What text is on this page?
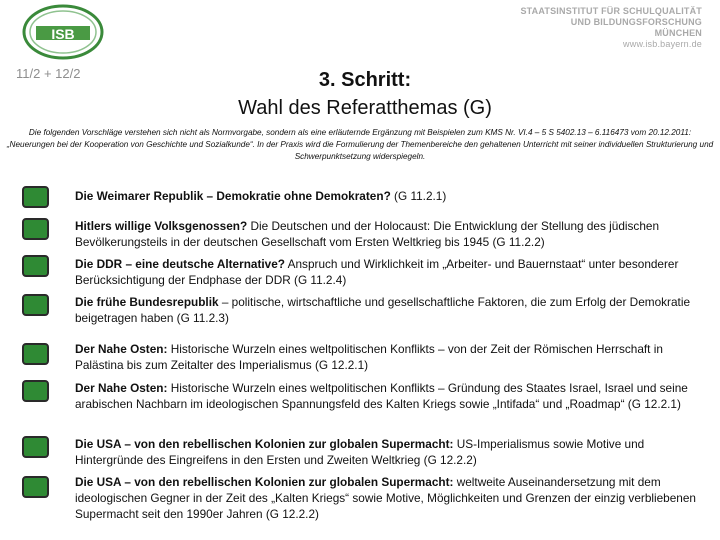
ISB
STAATSINSTITUT FÜR SCHULQUALITÄT
UND BILDUNGSFORSCHUNG
MÜNCHEN
www.isb.bayern.de
11/2 + 12/2	3. Schritt:
Wahl des Referatthemas (G)
Die folgenden Vorschläge verstehen sich nicht als Normvorgabe, sondern als eine erläuternde Ergänzung mit Beispielen zum KMS Nr. VI.4 – 5 S 5402.13 – 6.116473 vom 20.12.2011: „Neuerungen bei der Kooperation von Geschichte und Sozialkunde“. In der Praxis wird die Formulierung der Themenbereiche den gehaltenen Unterricht mit seiner individuellen Strukturierung und Schwerpunktsetzung widerspiegeln.
Die Weimarer Republik – Demokratie ohne Demokraten? (G 11.2.1)
Hitlers willige Volksgenossen? Die Deutschen und der Holocaust: Die Entwicklung der Stellung des jüdischen Bevölkerungsteils in der deutschen Gesellschaft vom Ersten Weltkrieg bis 1945 (G 11.2.2)
Die DDR – eine deutsche Alternative? Anspruch und Wirklichkeit im „Arbeiter- und Bauernstaat“ unter besonderer Berücksichtigung der Endphase der DDR (G 11.2.4)
Die frühe Bundesrepublik – politische, wirtschaftliche und gesellschaftliche Faktoren, die zum Erfolg der Demokratie beigetragen haben (G 11.2.3)
Der Nahe Osten: Historische Wurzeln eines weltpolitischen Konflikts – von der Zeit der Römischen Herrschaft in Palästina bis zum Zeitalter des Imperialismus (G 12.2.1)
Der Nahe Osten: Historische Wurzeln eines weltpolitischen Konflikts – Gründung des Staates Israel, Israel und seine arabischen Nachbarn im ideologischen Spannungsfeld des Kalten Kriegs sowie „Intifada“ und „Roadmap“ (G 12.2.1)
Die USA – von den rebellischen Kolonien zur globalen Supermacht: US-Imperialismus sowie Motive und Hintergründe des Eingreifens in den Ersten und Zweiten Weltkrieg (G 12.2.2)
Die USA – von den rebellischen Kolonien zur globalen Supermacht: weltweite Auseinandersetzung mit dem ideologischen Gegner in der Zeit des „Kalten Kriegs“ sowie Motive, Möglichkeiten und Grenzen der einzig verbliebenen Supermacht seit den 1990er Jahren (G 12.2.2)
